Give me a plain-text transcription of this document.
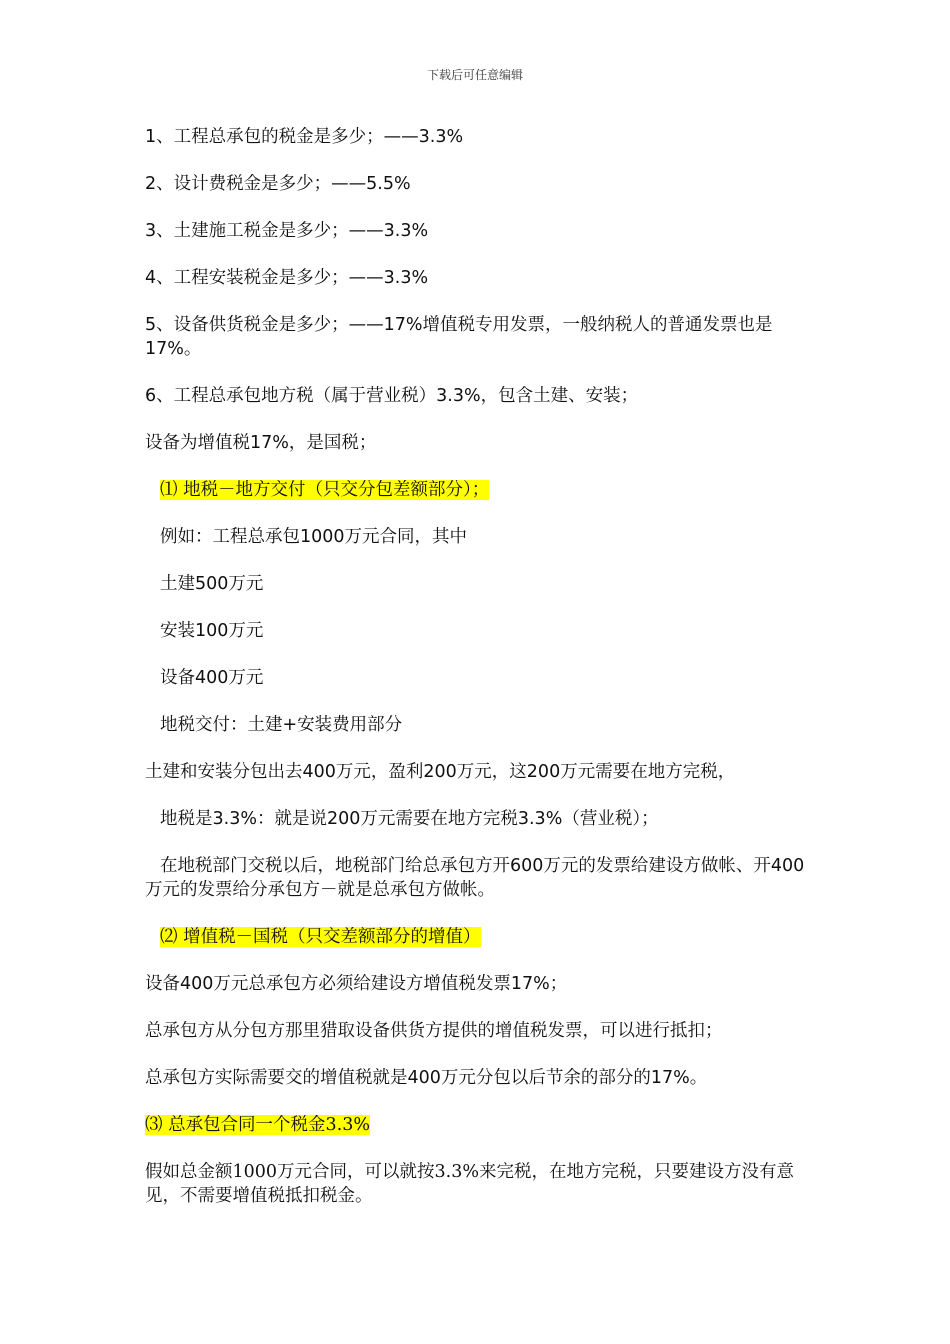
下载后可任意编辑
1、工程总承包的税金是多少；——3.3%
2、设计费税金是多少；——5.5%
3、土建施工税金是多少；——3.3%
4、工程安装税金是多少；——3.3%
5、设备供货税金是多少；——17%增值税专用发票，一般纳税人的普通发票也是17%。
6、工程总承包地方税（属于营业税）3.3%，包含土建、安装；
设备为增值税17%，是国税；
⑴ 地税－地方交付（只交分包差额部分）；
例如：工程总承包1000万元合同，其中
土建500万元
安装100万元
设备400万元
地税交付：土建+安装费用部分
土建和安装分包出去400万元，盈利200万元，这200万元需要在地方完税，
地税是3.3%：就是说200万元需要在地方完税3.3%（营业税）；
在地税部门交税以后，地税部门给总承包方开600万元的发票给建设方做帐、开400万元的发票给分承包方－就是总承包方做帐。
⑵ 增值税－国税（只交差额部分的增值）
设备400万元总承包方必须给建设方增值税发票17%；
总承包方从分包方那里猎取设备供货方提供的增值税发票，可以进行抵扣；
总承包方实际需要交的增值税就是400万元分包以后节余的部分的17%。
⑶ 总承包合同一个税金3.3%
假如总金额1000万元合同，可以就按3.3%来完税，在地方完税，只要建设方没有意见，不需要增值税抵扣税金。
